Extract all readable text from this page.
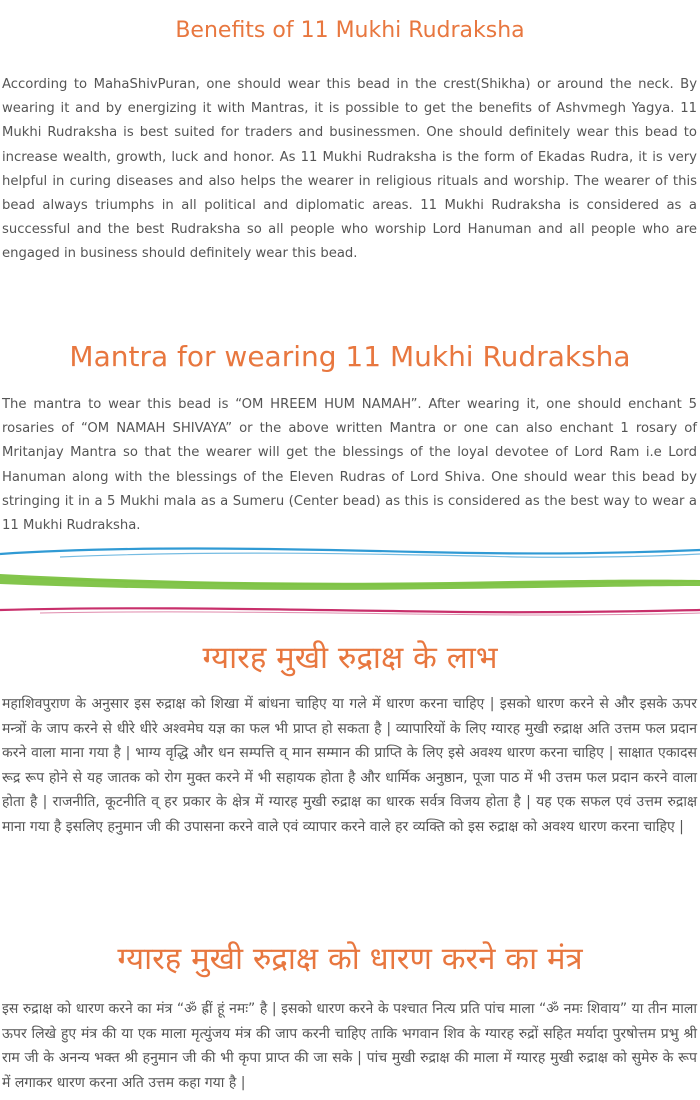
Benefits of 11 Mukhi Rudraksha

According to MahaShivPuran, one should wear this bead in the crest(Shikha) or around the neck. By wearing it and by energizing it with Mantras, it is possible to get the benefits of Ashvmegh Yagya. 11 Mukhi Rudraksha is best suited for traders and businessmen. One should definitely wear this bead to increase wealth, growth, luck and honor. As 11 Mukhi Rudraksha is the form of Ekadas Rudra, it is very helpful in curing diseases and also helps the wearer in religious rituals and worship. The wearer of this bead always triumphs in all political and diplomatic areas. 11 Mukhi Rudraksha is considered as a successful and the best Rudraksha so all people who worship Lord Hanuman and all people who are engaged in business should definitely wear this bead.

Mantra for wearing 11 Mukhi Rudraksha

The mantra to wear this bead is “OM HREEM HUM NAMAH”. After wearing it, one should enchant 5 rosaries of “OM NAMAH SHIVAYA” or the above written Mantra or one can also enchant 1 rosary of Mritanjay Mantra so that the wearer will get the blessings of the loyal devotee of Lord Ram i.e Lord Hanuman along with the blessings of the Eleven Rudras of Lord Shiva. One should wear this bead by stringing it in a 5 Mukhi mala as a Sumeru (Center bead) as this is considered as the best way to wear a 11 Mukhi Rudraksha.

ग्यारह मुखी रुद्राक्ष के लाभ

महाशिवपुराण के अनुसार इस रुद्राक्ष को शिखा में बांधना चाहिए या गले में धारण करना चाहिए | इसको धारण करने से और इसके ऊपर मन्त्रों के जाप करने से धीरे धीरे अश्वमेघ यज्ञ का फल भी प्राप्त हो सकता है | व्यापारियों के लिए ग्यारह मुखी रुद्राक्ष अति उत्तम फल प्रदान करने वाला माना गया है | भाग्य वृद्धि और धन सम्पत्ति व् मान सम्मान की प्राप्ति के लिए इसे अवश्य धारण करना चाहिए | साक्षात एकादस रूद्र रूप होने से यह जातक को रोग मुक्त करने में भी सहायक होता है और धार्मिक अनुष्ठान, पूजा पाठ में भी उत्तम फल प्रदान करने वाला होता है | राजनीति, कूटनीति व् हर प्रकार के क्षेत्र में ग्यारह मुखी रुद्राक्ष का धारक सर्वत्र विजय होता है | यह एक सफल एवं उत्तम रुद्राक्ष माना गया है इसलिए हनुमान जी की उपासना करने वाले एवं व्यापार करने वाले हर व्यक्ति को इस रुद्राक्ष को अवश्य धारण करना चाहिए |

ग्यारह मुखी रुद्राक्ष को धारण करने का मंत्र

इस रुद्राक्ष को धारण करने का मंत्र “ॐ ह्रीं हूं नमः” है | इसको धारण करने के पश्चात नित्य प्रति पांच माला “ॐ नमः शिवाय” या तीन माला ऊपर लिखे हुए मंत्र की या एक माला मृत्युंजय मंत्र की जाप करनी चाहिए ताकि भगवान शिव के ग्यारह रुद्रों सहित मर्यादा पुरषोत्तम प्रभु श्री राम जी के अनन्य भक्त श्री हनुमान जी की भी कृपा प्राप्त की जा सके | पांच मुखी रुद्राक्ष की माला में ग्यारह मुखी रुद्राक्ष को सुमेरु के रूप में लगाकर धारण करना अति उत्तम कहा गया है |
